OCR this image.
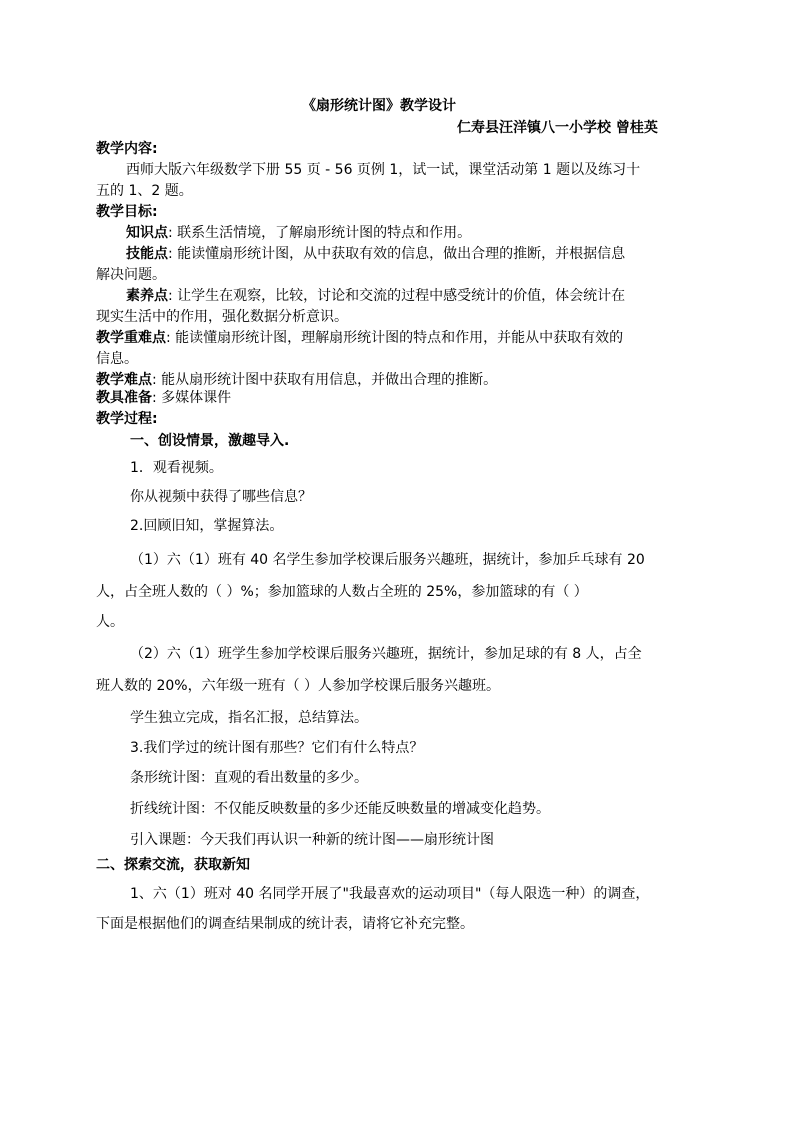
《扇形统计图》教学设计
仁寿县汪洋镇八一小学校 曾桂英
教学内容:
西师大版六年级数学下册 55 页 - 56 页例 1，试一试，课堂活动第 1 题以及练习十
五的 1、2 题。
教学目标:
知识点: 联系生活情境，了解扇形统计图的特点和作用。
技能点: 能读懂扇形统计图，从中获取有效的信息，做出合理的推断，并根据信息
解决问题。
素养点: 让学生在观察，比较，讨论和交流的过程中感受统计的价值，体会统计在
现实生活中的作用，强化数据分析意识。
教学重难点: 能读懂扇形统计图，理解扇形统计图的特点和作用，并能从中获取有效的
信息。
教学难点: 能从扇形统计图中获取有用信息，并做出合理的推断。
教具准备: 多媒体课件
教学过程:
一、创设情景，激趣导入.
1．观看视频。
你从视频中获得了哪些信息？
2.回顾旧知，掌握算法。
（1）六（1）班有 40 名学生参加学校课后服务兴趣班，据统计，参加乒乓球有 20
人，占全班人数的（ ）%；参加篮球的人数占全班的 25%，参加篮球的有（ ）
人。
（2）六（1）班学生参加学校课后服务兴趣班，据统计，参加足球的有 8 人，占全
班人数的 20%，六年级一班有（ ）人参加学校课后服务兴趣班。
学生独立完成，指名汇报，总结算法。
3.我们学过的统计图有那些？它们有什么特点？
条形统计图：直观的看出数量的多少。
折线统计图：不仅能反映数量的多少还能反映数量的增减变化趋势。
引入课题：今天我们再认识一种新的统计图——扇形统计图
二、探索交流，获取新知
1、六（1）班对 40 名同学开展了"我最喜欢的运动项目"（每人限选一种）的调查，
下面是根据他们的调查结果制成的统计表，请将它补充完整。
